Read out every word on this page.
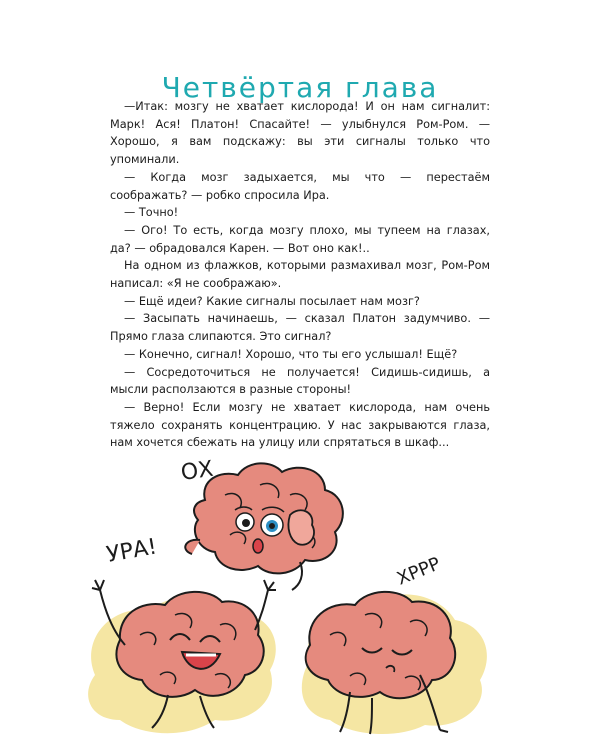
Четвёртая глава

—Итак: мозгу не хватает кислорода! И он нам сигналит: Марк! Ася! Платон! Спасайте! — улыбнулся Ром-Ром. — Хорошо, я вам подскажу: вы эти сигналы только что упоминали.

— Когда мозг задыхается, мы что — перестаём соображать? — робко спросила Ира.

— Точно!

— Ого! То есть, когда мозгу плохо, мы тупеем на глазах, да? — обрадовался Карен. — Вот оно как!..

На одном из флажков, которыми размахивал мозг, Ром-Ром написал: «Я не соображаю».

— Ещё идеи? Какие сигналы посылает нам мозг?

— Засыпать начинаешь, — сказал Платон задумчиво. — Прямо глаза слипаются. Это сигнал?

— Конечно, сигнал! Хорошо, что ты его услышал! Ещё?

— Сосредоточиться не получается! Сидишь-сидишь, а мысли расползаются в разные стороны!

— Верно! Если мозгу не хватает кислорода, нам очень тяжело сохранять концентрацию. У нас закрываются глаза, нам хочется сбежать на улицу или спрятаться в шкаф...

ОХ
УРА!
ХРРР
